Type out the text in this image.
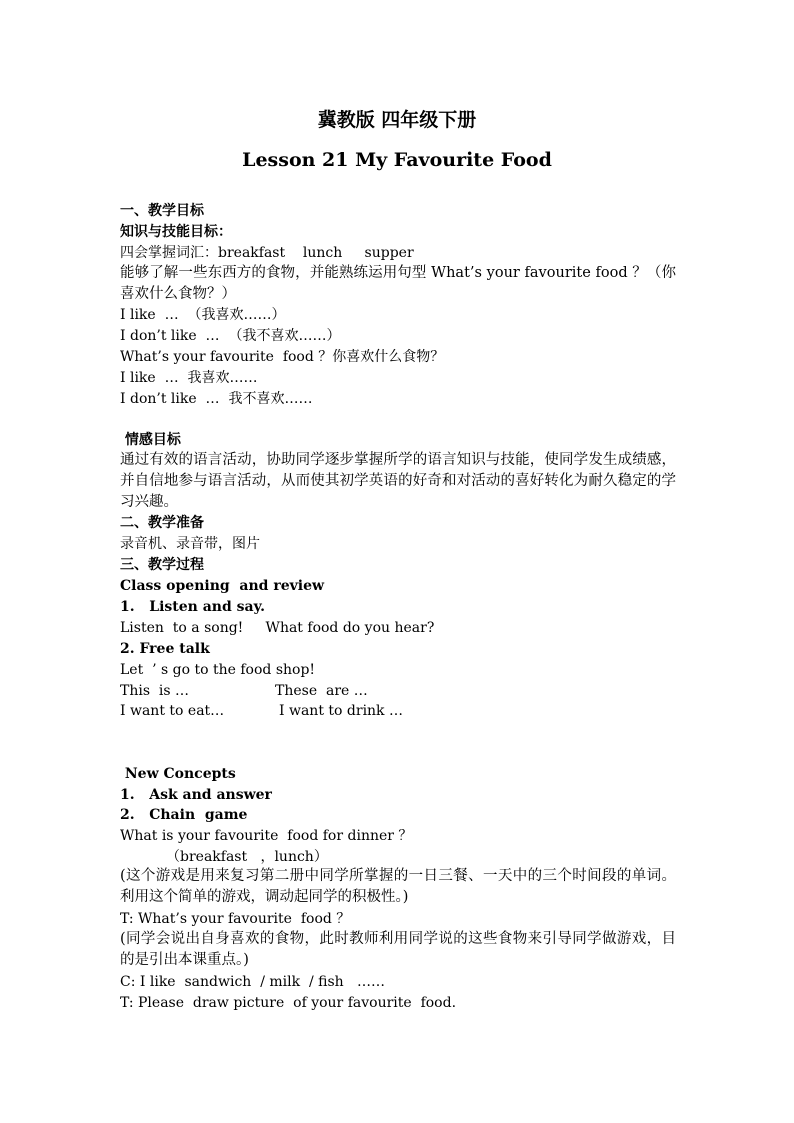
冀教版 四年级下册
Lesson 21 My Favourite Food
一、教学目标
知识与技能目标：
四会掌握词汇：breakfast    lunch     supper
能够了解一些东西方的食物，并能熟练运用句型 What’s your favourite food ？（你喜欢什么食物？）
I like  …  （我喜欢……）
I don’t like  …  （我不喜欢……）
What’s your favourite  food ？你喜欢什么食物？
I like  …  我喜欢……
I don’t like  …  我不喜欢……
情感目标
通过有效的语言活动，协助同学逐步掌握所学的语言知识与技能，使同学发生成绩感，并自信地参与语言活动，从而使其初学英语的好奇和对活动的喜好转化为耐久稳定的学习兴趣。
二、教学准备
录音机、录音带，图片
三、教学过程
Class opening  and review
1.   Listen and say.
Listen  to a song!     What food do you hear?
2. Free talk
Let  ’ s go to the food shop!
This  is …	These  are …
I want to eat…	I want to drink …
New Concepts
1.   Ask and answer
2.   Chain  game
What is your favourite  food for dinner ？
（breakfast   ，lunch）
(这个游戏是用来复习第二册中同学所掌握的一日三餐、一天中的三个时间段的单词。利用这个简单的游戏，调动起同学的积极性。)
T: What’s your favourite  food ？
(同学会说出自身喜欢的食物，此时教师利用同学说的这些食物来引导同学做游戏，目的是引出本课重点。)
C: I like  sandwich  / milk  / fish   ……
T: Please  draw picture  of your favourite  food.
